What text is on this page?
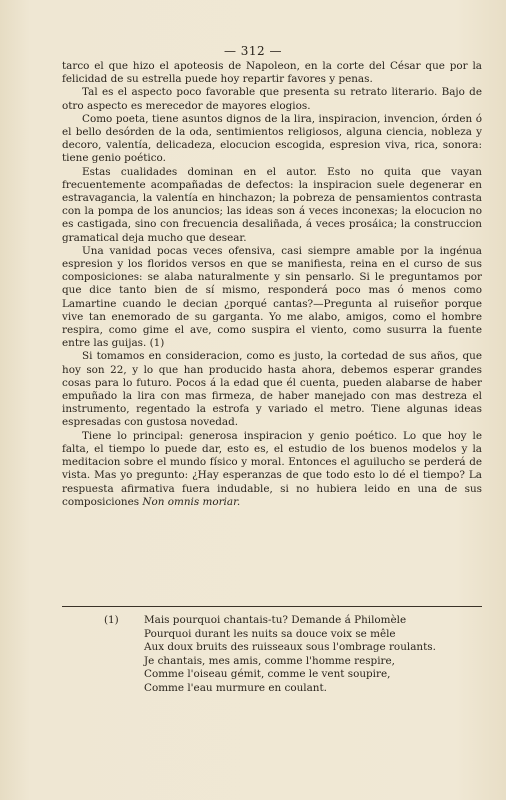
— 312 —

tarco el que hizo el apoteosis de Napoleon, en la corte del César que por la felicidad de su estrella puede hoy repartir favores y penas.

Tal es el aspecto poco favorable que presenta su retrato literario. Bajo de otro aspecto es merecedor de mayores elogios.

Como poeta, tiene asuntos dignos de la lira, inspiracion, invencion, órden ó el bello desórden de la oda, sentimientos religiosos, alguna ciencia, nobleza y decoro, valentía, delicadeza, elocucion escogida, espresion viva, rica, sonora: tiene genio poético.

Estas cualidades dominan en el autor. Esto no quita que vayan frecuentemente acompañadas de defectos: la inspiracion suele degenerar en estravagancia, la valentía en hinchazon; la pobreza de pensamientos contrasta con la pompa de los anuncios; las ideas son á veces inconexas; la elocucion no es castigada, sino con frecuencia desaliñada, á veces prosáica; la construccion gramatical deja mucho que desear.

Una vanidad pocas veces ofensiva, casi siempre amable por la ingénua espresion y los floridos versos en que se manifiesta, reina en el curso de sus composiciones: se alaba naturalmente y sin pensarlo. Si le preguntamos por que dice tanto bien de sí mismo, responderá poco mas ó menos como Lamartine cuando le decian ¿porqué cantas?—Pregunta al ruiseñor porque vive tan enemorado de su garganta. Yo me alabo, amigos, como el hombre respira, como gime el ave, como suspira el viento, como susurra la fuente entre las guijas. (1)

Si tomamos en consideracion, como es justo, la cortedad de sus años, que hoy son 22, y lo que han producido hasta ahora, debemos esperar grandes cosas para lo futuro. Pocos á la edad que él cuenta, pueden alabarse de haber empuñado la lira con mas firmeza, de haber manejado con mas destreza el instrumento, regentado la estrofa y variado el metro. Tiene algunas ideas espresadas con gustosa novedad.

Tiene lo principal: generosa inspiracion y genio poético. Lo que hoy le falta, el tiempo lo puede dar, esto es, el estudio de los buenos modelos y la meditacion sobre el mundo físico y moral. Entonces el aguilucho se perderá de vista. Mas yo pregunto: ¿Hay esperanzas de que todo esto lo dé el tiempo? La respuesta afirmativa fuera indudable, si no hubiera leido en una de sus composiciones Non omnis moriar.

(1) Mais pourquoi chantais-tu? Demande á Philomèle
Pourquoi durant les nuits sa douce voix se mêle
Aux doux bruits des ruisseaux sous l'ombrage roulants.
Je chantais, mes amis, comme l'homme respire,
Comme l'oiseau gémit, comme le vent soupire,
Comme l'eau murmure en coulant.
